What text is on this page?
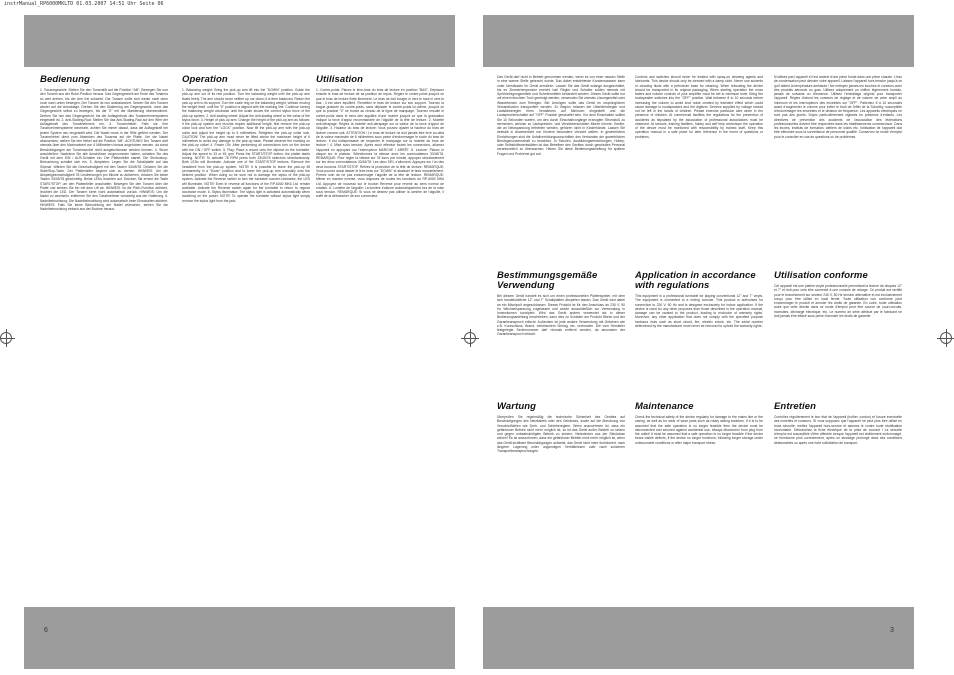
instrManual_RP6000MKLTD 01.03.2007 14:51 Uhr Seite 06
Bedienung
1. Tonarmgewicht: Stellen Sie den Tonarmlift auf die Position "AB". Bewegen Sie nun den Tonarm aus der Ruhe-Position heraus. Das Gegengewicht am Ende des Tonarms so weit drehen, bis der Arm frei schwebt. Der Tonarm sollte sich weder nach oben noch nach unten bewegen. Der Tonarm ist nun ausbalanciert. Setzen Sie den Tonarm wieder auf die Armablage. Drehen Sie den Skalenring am Gegengewicht, ohne das Gegengewicht selbst zu bewegen, bis die "0" mit der Markierung übereinstimmt. Drehen Sie nun das Gegengewicht, bis der Auflagedruck des Tonabnehmersystems eingestellt ist. 2. Anti-Skating-Rad: Stellen Sie das Anti-Skating-Rad auf den Wert der Auflagekraft des Tonabnehmers ein. 3. Tonarmhebel: Falls sie Ihre Tonabnehmersysteme wechseln, achten Sie immer darauf, dass die Auflagekraft bei jedem System neu eingestellt wird. Die Nadel muss in der Rille geführt werden. Der Tonarmhebel dient zum Absenken des Tonarms auf die Platte. Um die Nadel abzusenken, stellen Sie den Hebel auf die Position "AB". ACHTUNG! Der Tonarm darf niemals über den Maximalwert von 6 Millimetern hinaus angehoben werden, da sonst Beschädigungen am Tonarmsockel nicht ausgeschlossen werden können. 4. Strom anschließen: Nachdem Sie alle Anschlüsse vorgenommen haben, schalten Sie das Gerät mit dem EIN / AUS-Schalter ein. Der Plattenteller startet. Die Stroboskop-Beleuchtung schaltet sich ein. 5. Abspielen: Legen Sie die Schallplatte auf das Slipmat. Wählen Sie die Geschwindigkeit mit den Tasten 33/45/78. Drücken Sie die Start/Stop-Taste. Der Plattenteller beginnt sich zu drehen. HINWEIS: Um die Abspielgeschwindigkeit 78 Umdrehungen pro Minute zu aktivieren, drücken Sie beide Tasten 33/45/78 gleichzeitig. Beide LEDs leuchten auf. Drücken Sie erneut die Taste START/STOP, um den Plattenteller anzuhalten. Bewegen Sie den Tonarm über die Platte und senken Sie ihn mit dem Lift ab. HINWEIS: Ist die Pitch-Funktion aktiviert, leuchtet die LED. Der Tonarm kehrt nicht automatisch zurück. HINWEIS: Um die Nadel zu wechseln, entfernen Sie den Tonabnehmer vorsichtig aus der Halterung. 6. Nadelbeleuchtung: Die Nadelbeleuchtung wird automatisch beim Einschalten aktiviert. HINWEIS: Falls Sie keine Beleuchtung der Nadel wünschen, stehen Sie die Nadelbeleuchtung einfach aus der Buchse heraus.
Operation
1. Balancing weight: Bring the pick-up arm lift into the "DOWN" position. Guide the pick-up arm out of its rest position. Turn the balancing weight until the pick-up arm floats freely. The arm should move neither up nor down; it is then balanced. Return the pick-up arm to its support. Turn the scale ring on the balancing weight, without moving the weight itself, until the "0" position is aligned with the marking line. Continue turning the balancing weight clockwise until the scale shows the correct stylus force of the pick-up system. 2. Anti-skating wheel: Adjust the anti-skating wheel to the value of the stylus force. 3. Height of pick-up arm: Change the height of the pick-up arm as follows: if the pick-up system and records require additional height, first remove the pick-up collar lock and turn the "LOCK" position. Now lift the pick-up arm with the pick-up collar and adjust the height up to 6 millimetres. Retighten the pick-up collar lock. CAUTION! The pick-up arm must never be lifted above the maximum height of 6 millimetres to avoid any damage to the pick-up base. Please observe the marking on the pick-up collar! 4. Power ON: After performing all connections turn on the device with the ON / OFF switch. 5. Play: Place a record onto the slipmat on the turntable. Adjust the speed to 33 or 45 rpm. Press the START/STOP button; the platter starts turning. NOTE! To activate 78 RPM press both 33/45/78 selectors simultaneously. Both LEDs will illuminate. Activate one of the START/STOP buttons. Remove the headshell from the pick-up system. NOTE! It is possible to leave the pick-up lift permanently in a "Down" position and to lower the pick-up arm manually onto the desired position. When doing so be sure not to damage the stylus of the pick-up system. Activate the Reverse switch to turn the turntable counter-clockwise; the LED will illuminate. NOTE! Even in reverse all functions of the RP-6000 MK6 Ltd. remain available. Activate the Reverse switch again for the turntable to return to regular clockwise mode. 6. Stylus illuminator: The stylus light is activated automatically when switching on the power. NOTE! To operate the turntable without stylus light simply remove the stylus light from the jack.
Utilisation
1. Contre-poids: Placez le lève-bras du bras de lecture en position "BAS". Déplacez ensuite le bras de lecture de sa position de repos. Réglez le contre-poids jusqu'à ce que le bras de lecture flotte librement. Le bras ne doit bouger ni vers le haut ni vers le bas ; il est alors équilibré. Remettez le bras de lecture sur son support. Tournez la bague graduée du contre-poids, sans déplacer le contre-poids lui-même, jusqu'à ce que la position "0" se trouve au niveau de la ligne de marquage. Tournez ensuite le contre-poids dans le sens des aiguilles d'une montre jusqu'à ce que la graduation indique la force d'appui recommandée de l'aiguille de la tête de lecture. 2. Molette anti-dérapage: Réglez la molette anti-dérapage sur la valeur de la force d'appui de l'aiguille. 3. Hauteur du bras de lecture: Vous pouvez ajuster la hauteur du bras de lecture comme suit. ATTENTION ! Le bras de lecture ne doit jamais être levé au-delà de la valeur maximale de 6 millimètres sous peine d'endommager le socle du bras de lecture. Il est indispensable de respecter le marquage sur la molette du bras de lecture ! 4. Mise sous tension: Après avoir effectué toutes les connexions, allumez l'appareil en appuyant sur l'interrupteur MARCHE / ARRÊT. 5. Lecture: Placez le disque sur le plateau. Sélectionnez la vitesse avec les commutateurs 33/45/78. REMARQUE: Pour régler la vitesse sur 78 tours par minute, appuyez simultanément sur les deux commutateurs 33/45/78. Les deux DEL s'allument. Appuyez sur l'un des deux boutons START/STOP. Retirez la protection de la tête de lecture. REMARQUE: Vous pouvez aussi laisser le lève-bras sur "DOWN" et abaisser le bras manuellement. Prenez soin de ne pas endommager l'aiguille de la tête de lecture. REMARQUE: Même en marche inverse, vous disposez de toutes les fonctions du RP-6000 MK6 Ltd. Appuyez de nouveau sur le bouton Reverse pour revenir au sens normal de rotation. 6. Lumière de l'aiguille: La lumière s'allume automatiquement lors de la mise sous tension. REMARQUE: Si vous ne désirez pas utiliser la lumière de l'aiguille, il suffit de la débrancher de son connecteur.
Das Gerät darf nicht in Betrieb genommen werden, wenn es von einer nassen Stelle in eine warme Stelle gebracht wurde. Das dabei entstehende Kondenswasser kann unter Umständen Ihr Gerät zerstören. Lassen Sie das Gerät solange ausgeschaltet, bis es Zimmertemperatur erreicht hat! Regler und Schalter sollten niemals mit Sprühreinigungsmitteln und Schmiermitteln behandelt werden. Dieses Gerät sollte nur mit einem feuchten Tuch gereinigt werden, verwenden Sie niemals Lösungsmittel oder Waschbenzin zum Reinigen. Bei Umzügen sollte das Gerät im ursprünglichen Versandkarton transportiert werden. Zu Beginn müssen der Überblendregler und Lautstärkeregler Ihres Verstärkers auf Minimum eingestellt und die Lautsprecherschalter auf "OFF" Position geschaltet sein. Vor dem Einschalten sollten Sie 10 Sekunden warten, um den durch Einschaltvorgänge erzeugten Stromstoß zu vermeiden, welcher zu Lautsprecher- und Verstärkerschäden führen könnte. Geräte, die an Netzspannung betrieben werden, gehören nicht in Kinderhände. Lassen Sie deshalb in Anwesenheit von Kindern besondere Vorsicht walten. In gewerblichen Einrichtungen sind die Unfallverhütungsvorschriften des Verbandes der gewerblichen Berufsgenossenschaft zu beachten. In Schulen, Ausbildungseinrichtungen, Hobby- oder Selbsthilfewerkstätten ist das Betreiben des Gerätes durch geschultes Personal verantwortlich zu überwachen. Heben Sie diese Bedienungsanleitung für spätere Fragen und Probleme gut auf.
Bestimmungsgemäße Verwendung
Bei diesem Gerät handelt es sich um einen professionellen Plattenspieler, mit dem sich handelsübliche 12" und 7" Schallplatten abspielen lassen. Das Gerät wird dabei an ein Mischpult angeschlossen. Dieses Produkt ist für den Anschluss an 230 V, 50 Hz Wechselspannung zugelassen und wurde ausschließlich zur Verwendung in Innenräumen konzipiert. Wird das Gerät anders verwendet als in dieser Bedienungsanleitung beschrieben, kann dies zu Schäden am Produkt führen und der Garantieanspruch erlischt. Außerdem ist jede andere Verwendung mit Gefahren wie z.B. Kurzschluss, Brand, elektrischem Schlag, etc. verbunden. Die vom Hersteller festgelegte Seriennummer darf niemals entfernt werden, da ansonsten der Garantieanspruch erlischt.
Wartung
Überprüfen Sie regelmäßig die technische Sicherheit des Gerätes auf Beschädigungen des Netzkabels oder des Gehäuses, sowie auf die Abnutzung von Verschleißteilen wie Dreh- und Schiebereglern. Wenn anzunehmen ist, dass ein gefahrloser Betrieb nicht mehr möglich ist, so ist das Gerät außer Betrieb zu setzen und gegen unbeabsichtigten Betrieb zu sichern. Netzstecker aus der Steckdose ziehen! Es ist anzunehmen, dass ein gefahrloser Betrieb nicht mehr möglich ist, wenn das Gerät sichtbare Beschädigungen aufweist, das Gerät nicht mehr funktioniert, nach längerer Lagerung unter ungünstigen Verhältnissen oder nach schweren Transportbeanspruchungen.
Controls and switches should never be treated with spray-on cleaning agents and lubricants. This device should only be cleaned with a damp cloth. Never use solvents or cleaning fluids with a petroleum base for cleaning. When relocating the device should be transported in its original packaging. When starting operation the cross faders and volume controls of your amplifier must be set to minimum level. Bring the loudspeaker switches into the "OFF" position. Wait between 8 to 10 seconds before increasing the volume to avoid shot noise created by transient effect which could cause damage to loudspeakers and the digitizer. Devices supplied by voltage should not be left in the hands of children. Please exercise particular care when in the presence of children. At commercial facilities the regulations for the prevention of accidents as stipulated by the association of professional associations must be observed. At schools, training facilities, hobby and self help workshops the operation of the device must be monitored with responsibility by trained staff. Keep this operation manual in a safe place for later reference in the event of questions or problems.
Application in accordance with regulations
This equipment is a professional turntable for playing conventional 12" and 7" vinyls. The equipment is connected to a mixing console. This product is authorised for connection to 230 V, 50 Hz and is designed exclusively for indoor application. If the device is used for any other purposes than those described in the operation manual, damage can be caused to the product, leading to exclusion of warranty rights. Moreover, any other application that does not comply with the specified purpose harbours risks such as short circuit, fire, electric shock, etc. The serial number determined by the manufacturer must never be removed to uphold the warranty rights.
Maintenance
Check the technical safety of the device regularly for damage to the mains line or the casing, as well as for wear of wear parts such as rotary sliding switches. If it is to be assumed that the safe operation is no longer feasible then the device must be disconnected and secured against accidental use. Always disconnect from plug from the outlet! It must be assumed that a safe operation is no longer feasible if the device bears visible defects, if the device no longer functions, following longer storage under unfavourable conditions or after major transport stress.
N'utilisez pas l'appareil s'il est amené d'une pièce froide dans une pièce chaude. L'eau de condensation peut détruire votre appareil. Laissez l'appareil hors tension jusqu'à ce qu'il atteint la température ambiante ! Ne nettoyez jamais les touches et curseurs avec des produits aérosols ou gras. Utilisez uniquement un chiffon légèrement humide, jamais de solvants ou d'essence. Utilisez l'emballage original pour transporter l'appareil. Réglez d'abord les curseurs de réglage et de volume de votre ampli au minimum et les interrupteurs des enceintes sur "OFF". Patientez 8 à 10 secondes avant d'augmenter le volume pour éviter le bruit de l'effet de la Schottky, susceptible d'endommager les enceintes et le diviseur de fréquence. Les appareils électriques ne sont pas des jouets. Soyez particulièrement vigilants en présence d'enfants. Les directives de prévention des accidents de l'association des fédérations professionnelles doivent être respectées dans les établissements commerciaux. Dans les écoles, instituts de formation, ateliers de loisirs etc. l'utilisation de l'appareil doit être effectuée sous la surveillance de personnel qualifié. Conservez ce mode d'emploi pour le consulter en cas de questions ou de problèmes.
Utilisation conforme
Cet appareil est une platine vinyle professionnelle permettant la lecture de disques 12" et 7" et doit pour cela être connecté à une console de mixage. Ce produit est certifié pour le branchement sur secteur 230 V, 50 Hz tension alternative et est exclusivement conçu pour être utilisé en local fermé. Toute utilisation non conforme peut endommager le produit et annuler les droits de garantie. En outre, toute utilisation autre que celle décrite dans ce mode d'emploi peut être source de court-circuits, incendies, décharge électrique, etc. Le numéro de série attribué par le fabricant ne doit jamais être effacé sous peine d'annuler les droits de garantie.
Entretien
Contrôlez régulièrement le bon état de l'appareil (boîtier, cordon) et l'usure éventuelle des molettes et curseurs. Si vous supposez que l'appareil ne peut plus être utilisé en toute sécurité, mettez l'appareil hors-service et assurez le contre toute réutilisation involontaire. Débranchez la fiche électrique de la prise de courant ! La sécurité d'emploi est susceptible d'être affectée lorsque l'appareil est visiblement endommagé, ne fonctionne plus correctement, après un stockage prolongé dans des conditions défavorables ou après une forte sollicitation de transport.
6	3
